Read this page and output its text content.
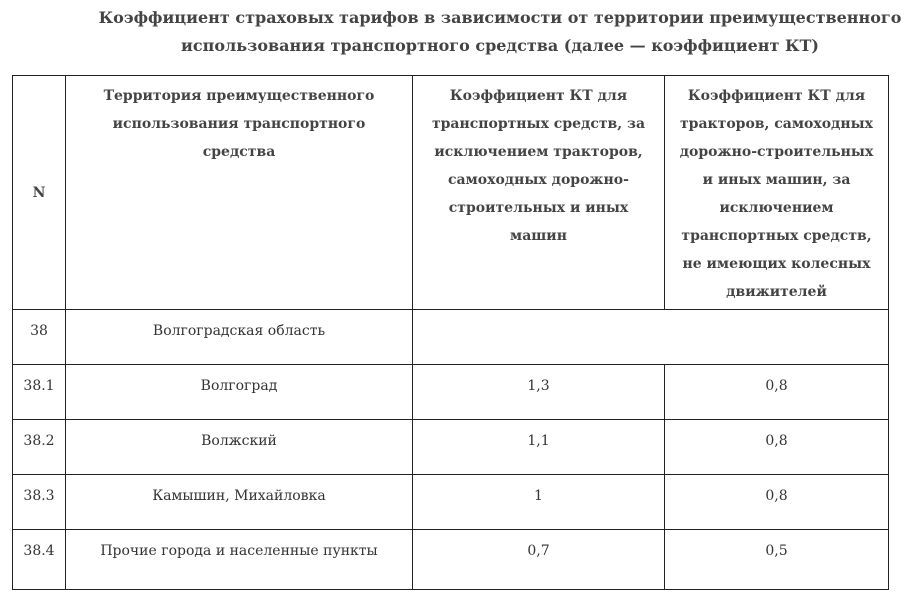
Коэффициент страховых тарифов в зависимости от территории преимущественного
использования транспортного средства (далее — коэффициент КТ)
N	Территория преимущественного использования транспортного средства	Коэффициент КТ для транспортных средств, за исключением тракторов, самоходных дорожно-строительных и иных машин	Коэффициент КТ для тракторов, самоходных дорожно-строительных и иных машин, за исключением транспортных средств, не имеющих колесных движителей

38	Волгоградская область		
38.1	Волгоград	1,3	0,8
38.2	Волжский	1,1	0,8
38.3	Камышин, Михайловка	1	0,8
38.4	Прочие города и населенные пункты	0,7	0,5
